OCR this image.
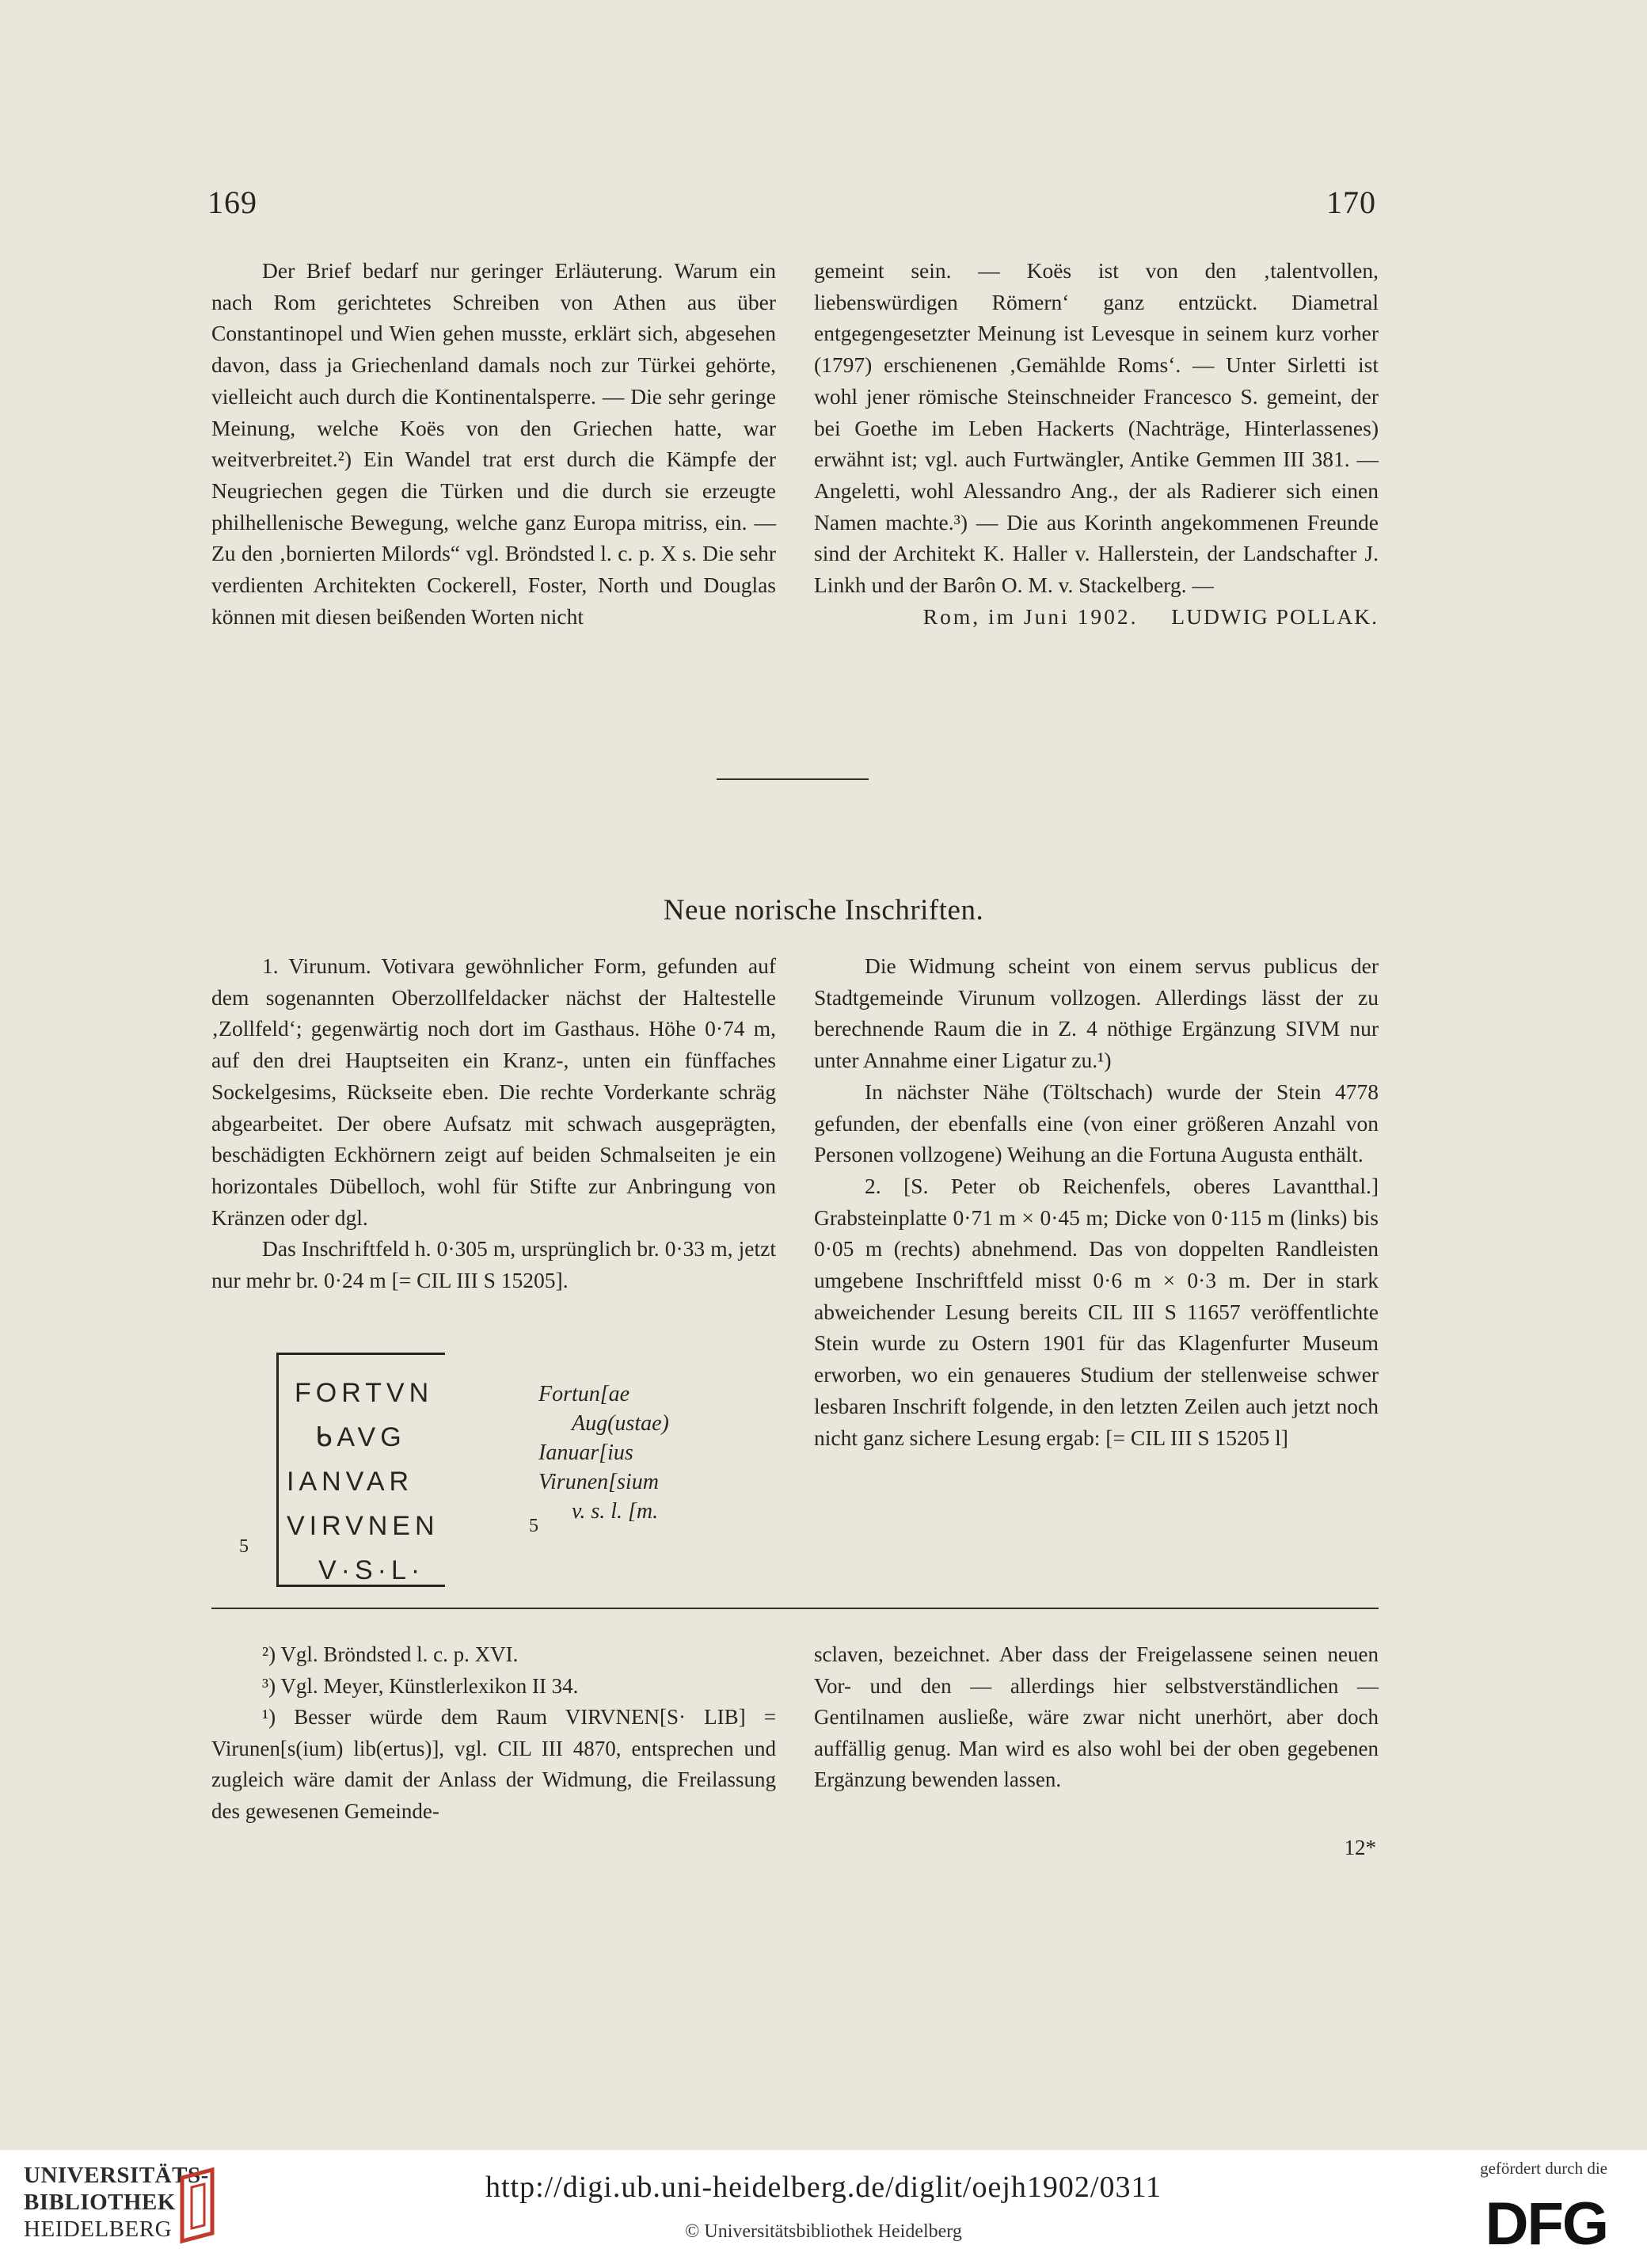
169	170

Der Brief bedarf nur geringer Erläuterung. Warum ein nach Rom gerichtetes Schreiben von Athen aus über Constantinopel und Wien gehen musste, erklärt sich, abgesehen davon, dass ja Griechenland damals noch zur Türkei gehörte, vielleicht auch durch die Kontinentalsperre. — Die sehr geringe Meinung, welche Koës von den Griechen hatte, war weitverbreitet.²) Ein Wandel trat erst durch die Kämpfe der Neugriechen gegen die Türken und die durch sie erzeugte philhellenische Bewegung, welche ganz Europa mitriss, ein. — Zu den ‚bornierten Milords“ vgl. Bröndsted l. c. p. X s. Die sehr verdienten Architekten Cockerell, Foster, North und Douglas können mit diesen beißenden Worten nicht

gemeint sein. — Koës ist von den ‚talentvollen, liebenswürdigen Römern‘ ganz entzückt. Diametral entgegengesetzter Meinung ist Levesque in seinem kurz vorher (1797) erschienenen ‚Gemählde Roms‘. — Unter Sirletti ist wohl jener römische Steinschneider Francesco S. gemeint, der bei Goethe im Leben Hackerts (Nachträge, Hinterlassenes) erwähnt ist; vgl. auch Furtwängler, Antike Gemmen III 381. — Angeletti, wohl Alessandro Ang., der als Radierer sich einen Namen machte.³) — Die aus Korinth angekommenen Freunde sind der Architekt K. Haller v. Hallerstein, der Landschafter J. Linkh und der Barôn O. M. v. Stackelberg. —

Rom, im Juni 1902. LUDWIG POLLAK.

Neue norische Inschriften.

1. Virunum. Votivara gewöhnlicher Form, gefunden auf dem sogenannten Oberzollfeldacker nächst der Haltestelle ‚Zollfeld‘; gegenwärtig noch dort im Gasthaus. Höhe 0·74 m, auf den drei Hauptseiten ein Kranz-, unten ein fünffaches Sockelgesims, Rückseite eben. Die rechte Vorderkante schräg abgearbeitet. Der obere Aufsatz mit schwach ausgeprägten, beschädigten Eckhörnern zeigt auf beiden Schmalseiten je ein horizontales Dübelloch, wohl für Stifte zur Anbringung von Kränzen oder dgl.

Das Inschriftfeld h. 0·305 m, ursprünglich br. 0·33 m, jetzt nur mehr br. 0·24 m [= CIL III S 15205].

FORTVN
ᑲAVG
IANVAR
VIRVNEN
V·S·L·
5
Fortun[ae
Aug(ustae)
Ianuar[ius
Virunen[sium
v. s. l. [m.
5

Die Widmung scheint von einem servus publicus der Stadtgemeinde Virunum vollzogen. Allerdings lässt der zu berechnende Raum die in Z. 4 nöthige Ergänzung SIVM nur unter Annahme einer Ligatur zu.¹)

In nächster Nähe (Töltschach) wurde der Stein 4778 gefunden, der ebenfalls eine (von einer größeren Anzahl von Personen vollzogene) Weihung an die Fortuna Augusta enthält.

2. [S. Peter ob Reichenfels, oberes Lavantthal.] Grabsteinplatte 0·71 m × 0·45 m; Dicke von 0·115 m (links) bis 0·05 m (rechts) abnehmend. Das von doppelten Randleisten umgebene Inschriftfeld misst 0·6 m × 0·3 m. Der in stark abweichender Lesung bereits CIL III S 11657 veröffentlichte Stein wurde zu Ostern 1901 für das Klagenfurter Museum erworben, wo ein genaueres Studium der stellenweise schwer lesbaren Inschrift folgende, in den letzten Zeilen auch jetzt noch nicht ganz sichere Lesung ergab: [= CIL III S 15205 l]

²) Vgl. Bröndsted l. c. p. XVI.

³) Vgl. Meyer, Künstlerlexikon II 34.

¹) Besser würde dem Raum VIRVNEN[S· LIB] = Virunen[s(ium) lib(ertus)], vgl. CIL III 4870, entsprechen und zugleich wäre damit der Anlass der Widmung, die Freilassung des gewesenen Gemeinde-

sclaven, bezeichnet. Aber dass der Freigelassene seinen neuen Vor- und den — allerdings hier selbstverständlichen — Gentilnamen ausließe, wäre zwar nicht unerhört, aber doch auffällig genug. Man wird es also wohl bei der oben gegebenen Ergänzung bewenden lassen.

12*
UNIVERSITÄTS-
BIBLIOTHEK
HEIDELBERG
http://digi.ub.uni-heidelberg.de/diglit/oejh1902/0311
© Universitätsbibliothek Heidelberg
gefördert durch die
DFG
